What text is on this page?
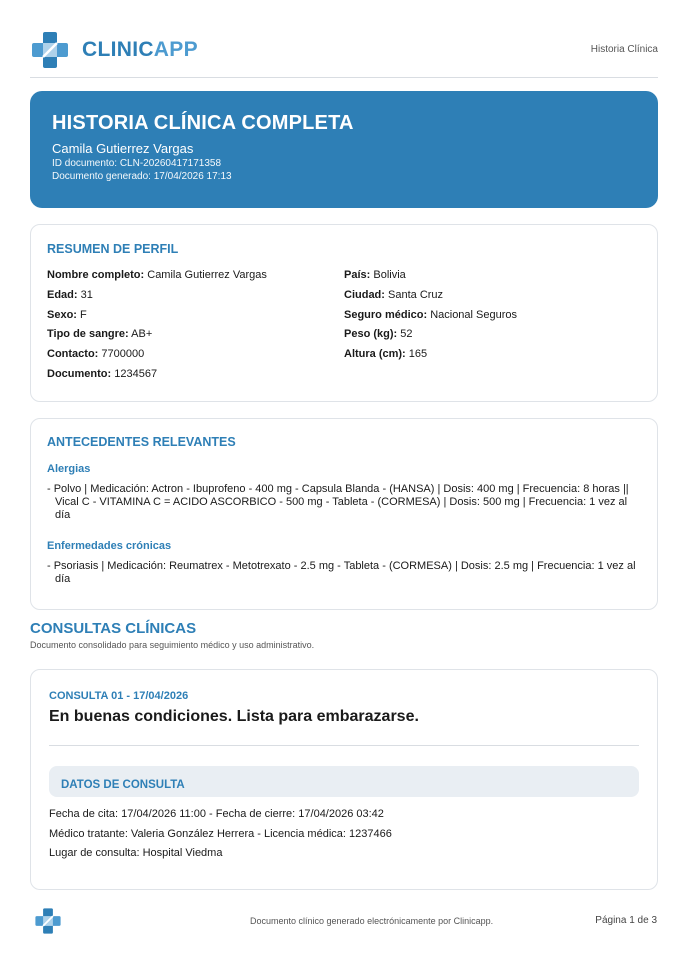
CLINICAPP	Historia Clínica
HISTORIA CLÍNICA COMPLETA
Camila Gutierrez Vargas
ID documento: CLN-20260417171358
Documento generado: 17/04/2026 17:13
RESUMEN DE PERFIL
Nombre completo: Camila Gutierrez Vargas
Edad: 31
Sexo: F
Tipo de sangre: AB+
Contacto: 7700000
Documento: 1234567
País: Bolivia
Ciudad: Santa Cruz
Seguro médico: Nacional Seguros
Peso (kg): 52
Altura (cm): 165
ANTECEDENTES RELEVANTES
Alergias
- Polvo | Medicación: Actron - Ibuprofeno - 400 mg - Capsula Blanda - (HANSA) | Dosis: 400 mg | Frecuencia: 8 horas || Vical C - VITAMINA C = ACIDO ASCORBICO - 500 mg - Tableta - (CORMESA) | Dosis: 500 mg | Frecuencia: 1 vez al día
Enfermedades crónicas
- Psoriasis | Medicación: Reumatrex - Metotrexato - 2.5 mg - Tableta - (CORMESA) | Dosis: 2.5 mg | Frecuencia: 1 vez al día
CONSULTAS CLÍNICAS
Documento consolidado para seguimiento médico y uso administrativo.
CONSULTA 01 - 17/04/2026
En buenas condiciones. Lista para embarazarse.
DATOS DE CONSULTA
Fecha de cita: 17/04/2026 11:00 - Fecha de cierre: 17/04/2026 03:42
Médico tratante: Valeria González Herrera - Licencia médica: 1237466
Lugar de consulta: Hospital Viedma
Documento clínico generado electrónicamente por Clinicapp.	Página 1 de 3
